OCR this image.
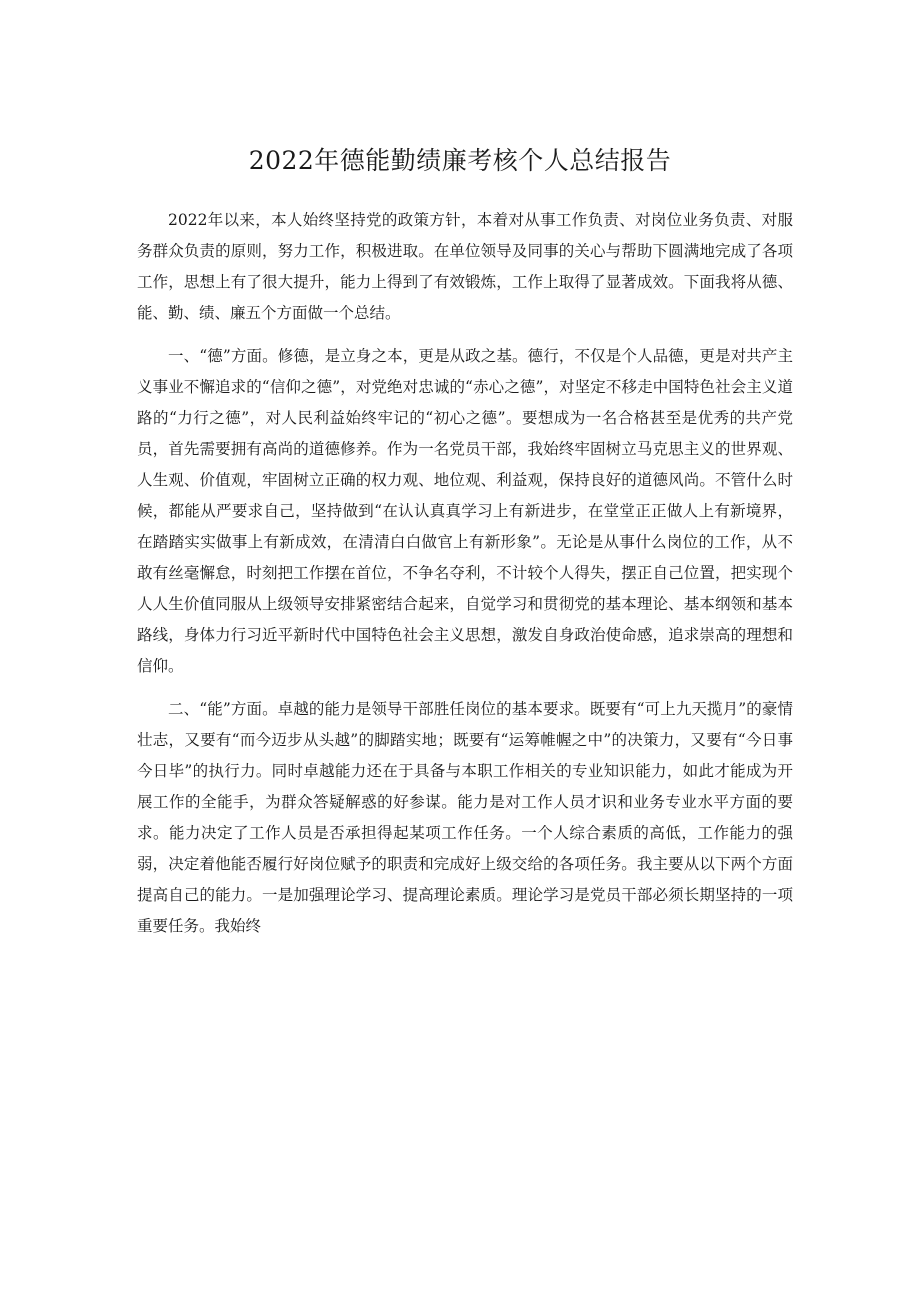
2022年德能勤绩廉考核个人总结报告

2022年以来，本人始终坚持党的政策方针，本着对从事工作负责、对岗位业务负责、对服务群众负责的原则，努力工作，积极进取。在单位领导及同事的关心与帮助下圆满地完成了各项工作，思想上有了很大提升，能力上得到了有效锻炼，工作上取得了显著成效。下面我将从德、能、勤、绩、廉五个方面做一个总结。

一、“德”方面。修德，是立身之本，更是从政之基。德行，不仅是个人品德，更是对共产主义事业不懈追求的“信仰之德”，对党绝对忠诚的“赤心之德”，对坚定不移走中国特色社会主义道路的“力行之德”，对人民利益始终牢记的“初心之德”。要想成为一名合格甚至是优秀的共产党员，首先需要拥有高尚的道德修养。作为一名党员干部，我始终牢固树立马克思主义的世界观、人生观、价值观，牢固树立正确的权力观、地位观、利益观，保持良好的道德风尚。不管什么时候，都能从严要求自己，坚持做到“在认认真真学习上有新进步，在堂堂正正做人上有新境界，在踏踏实实做事上有新成效，在清清白白做官上有新形象”。无论是从事什么岗位的工作，从不敢有丝毫懈怠，时刻把工作摆在首位，不争名夺利，不计较个人得失，摆正自己位置，把实现个人人生价值同服从上级领导安排紧密结合起来，自觉学习和贯彻党的基本理论、基本纲领和基本路线，身体力行习近平新时代中国特色社会主义思想，激发自身政治使命感，追求崇高的理想和信仰。

二、“能”方面。卓越的能力是领导干部胜任岗位的基本要求。既要有“可上九天揽月”的豪情壮志，又要有“而今迈步从头越”的脚踏实地；既要有“运筹帷幄之中”的决策力，又要有“今日事今日毕”的执行力。同时卓越能力还在于具备与本职工作相关的专业知识能力，如此才能成为开展工作的全能手，为群众答疑解惑的好参谋。能力是对工作人员才识和业务专业水平方面的要求。能力决定了工作人员是否承担得起某项工作任务。一个人综合素质的高低，工作能力的强弱，决定着他能否履行好岗位赋予的职责和完成好上级交给的各项任务。我主要从以下两个方面提高自己的能力。一是加强理论学习、提高理论素质。理论学习是党员干部必须长期坚持的一项重要任务。我始终
